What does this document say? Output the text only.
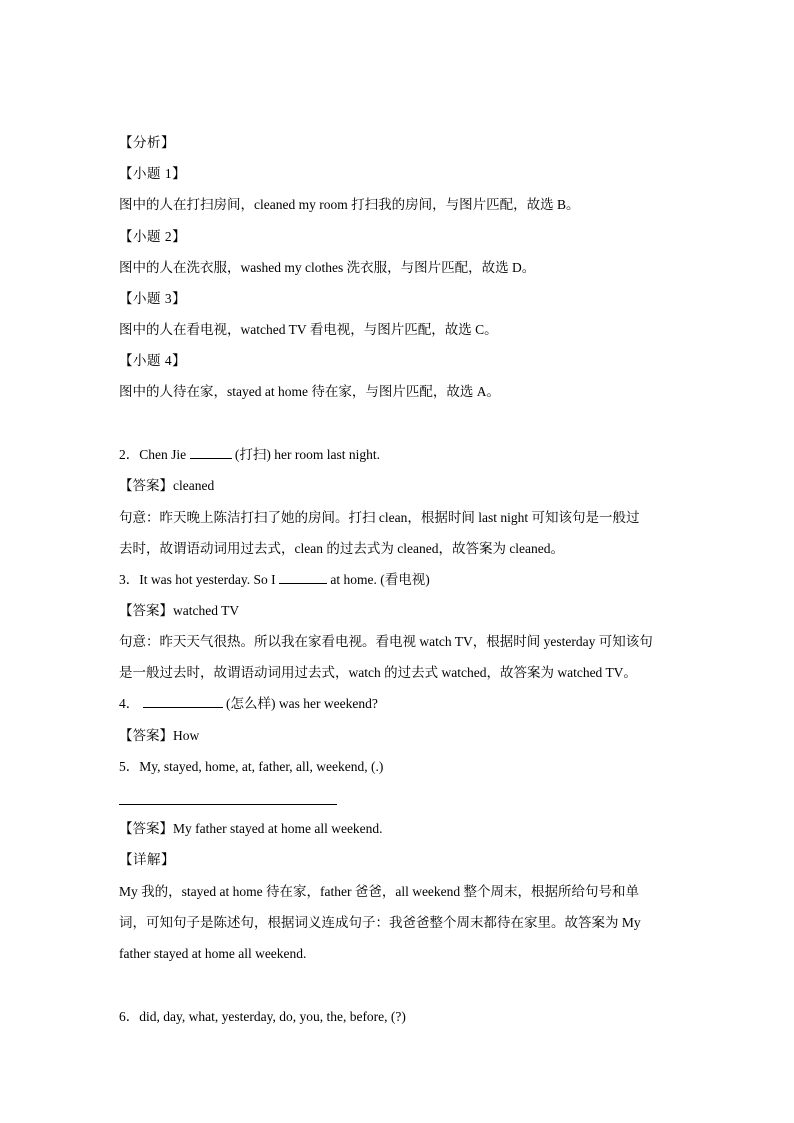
【分析】
【小题 1】
图中的人在打扫房间，cleaned my room 打扫我的房间，与图片匹配，故选 B。
【小题 2】
图中的人在洗衣服，washed my clothes 洗衣服，与图片匹配，故选 D。
【小题 3】
图中的人在看电视，watched TV 看电视，与图片匹配，故选 C。
【小题 4】
图中的人待在家，stayed at home 待在家，与图片匹配，故选 A。
2．Chen Jie	(打扫) her room last night.
【答案】cleaned
句意：昨天晚上陈洁打扫了她的房间。打扫 clean，根据时间 last night 可知该句是一般过
去时，故谓语动词用过去式，clean 的过去式为 cleaned，故答案为 cleaned。
3．It was hot yesterday. So I	at home. (看电视)
【答案】watched TV
句意：昨天天气很热。所以我在家看电视。看电视 watch TV，根据时间 yesterday 可知该句
是一般过去时，故谓语动词用过去式，watch 的过去式 watched，故答案为 watched TV。
4．	(怎么样) was her weekend?
【答案】How
5．My, stayed, home, at, father, all, weekend, (.)
【答案】My father stayed at home all weekend.
【详解】
My 我的，stayed at home 待在家，father 爸爸，all weekend 整个周末，根据所给句号和单
词，可知句子是陈述句，根据词义连成句子：我爸爸整个周末都待在家里。故答案为 My
father stayed at home all weekend.
6．did, day, what, yesterday, do, you, the, before, (?)
